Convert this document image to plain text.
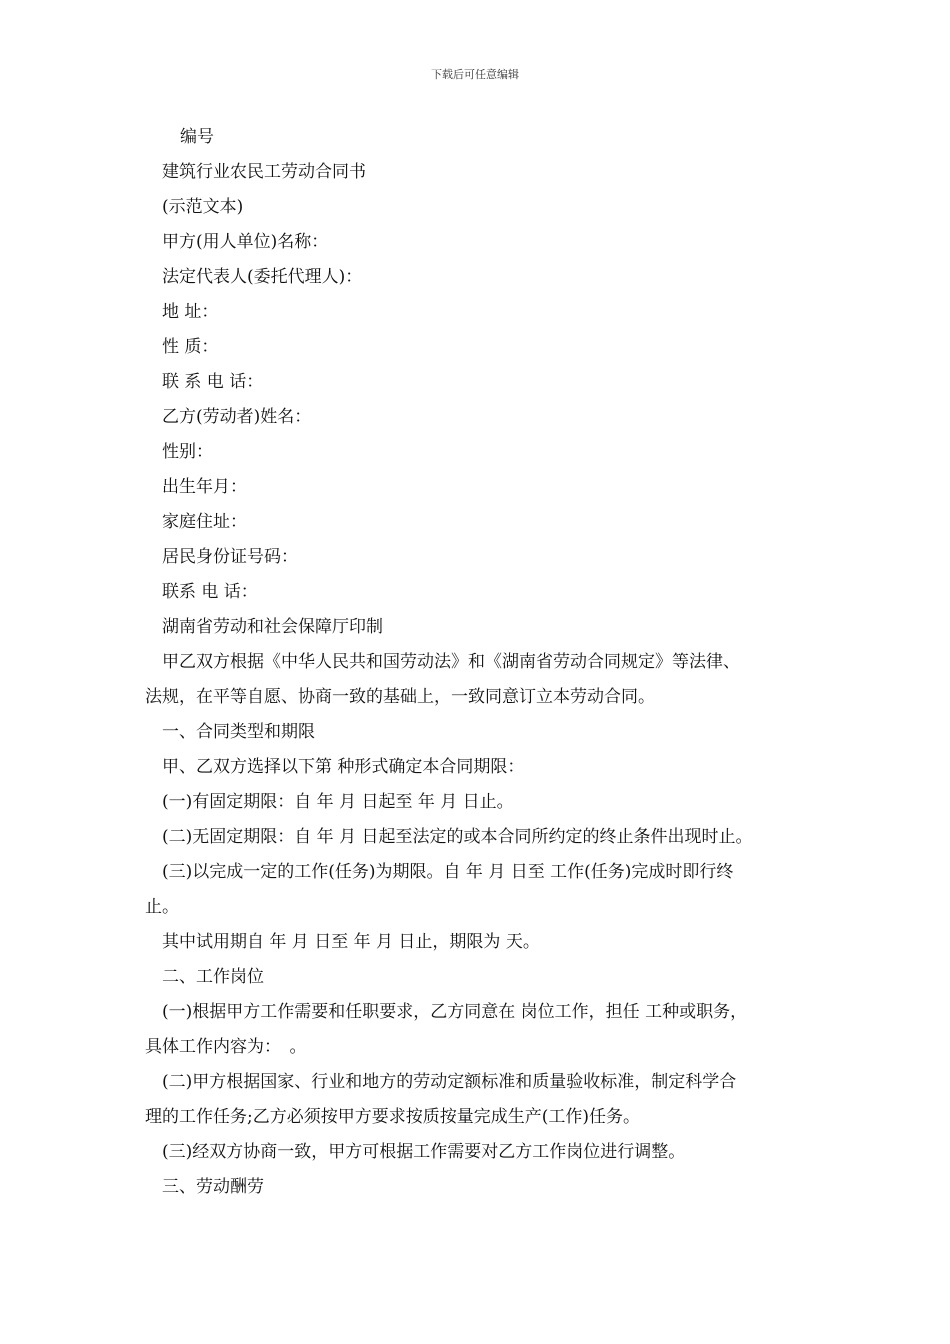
下载后可任意编辑
编号
建筑行业农民工劳动合同书
(示范文本)
甲方(用人单位)名称：
法定代表人(委托代理人)：
地 址：
性 质：
联 系 电 话：
乙方(劳动者)姓名：
性别：
出生年月：
家庭住址：
居民身份证号码：
联系 电 话：
湖南省劳动和社会保障厅印制
甲乙双方根据《中华人民共和国劳动法》和《湖南省劳动合同规定》等法律、
法规，在平等自愿、协商一致的基础上，一致同意订立本劳动合同。
一、合同类型和期限
甲、乙双方选择以下第 种形式确定本合同期限：
(一)有固定期限：自 年 月 日起至 年 月 日止。
(二)无固定期限：自 年 月 日起至法定的或本合同所约定的终止条件出现时止。
(三)以完成一定的工作(任务)为期限。自 年 月 日至 工作(任务)完成时即行终
止。
其中试用期自 年 月 日至 年 月 日止，期限为 天。
二、工作岗位
(一)根据甲方工作需要和任职要求，乙方同意在 岗位工作，担任 工种或职务，
具体工作内容为：　。
(二)甲方根据国家、行业和地方的劳动定额标准和质量验收标准，制定科学合
理的工作任务;乙方必须按甲方要求按质按量完成生产(工作)任务。
(三)经双方协商一致，甲方可根据工作需要对乙方工作岗位进行调整。
三、劳动酬劳
